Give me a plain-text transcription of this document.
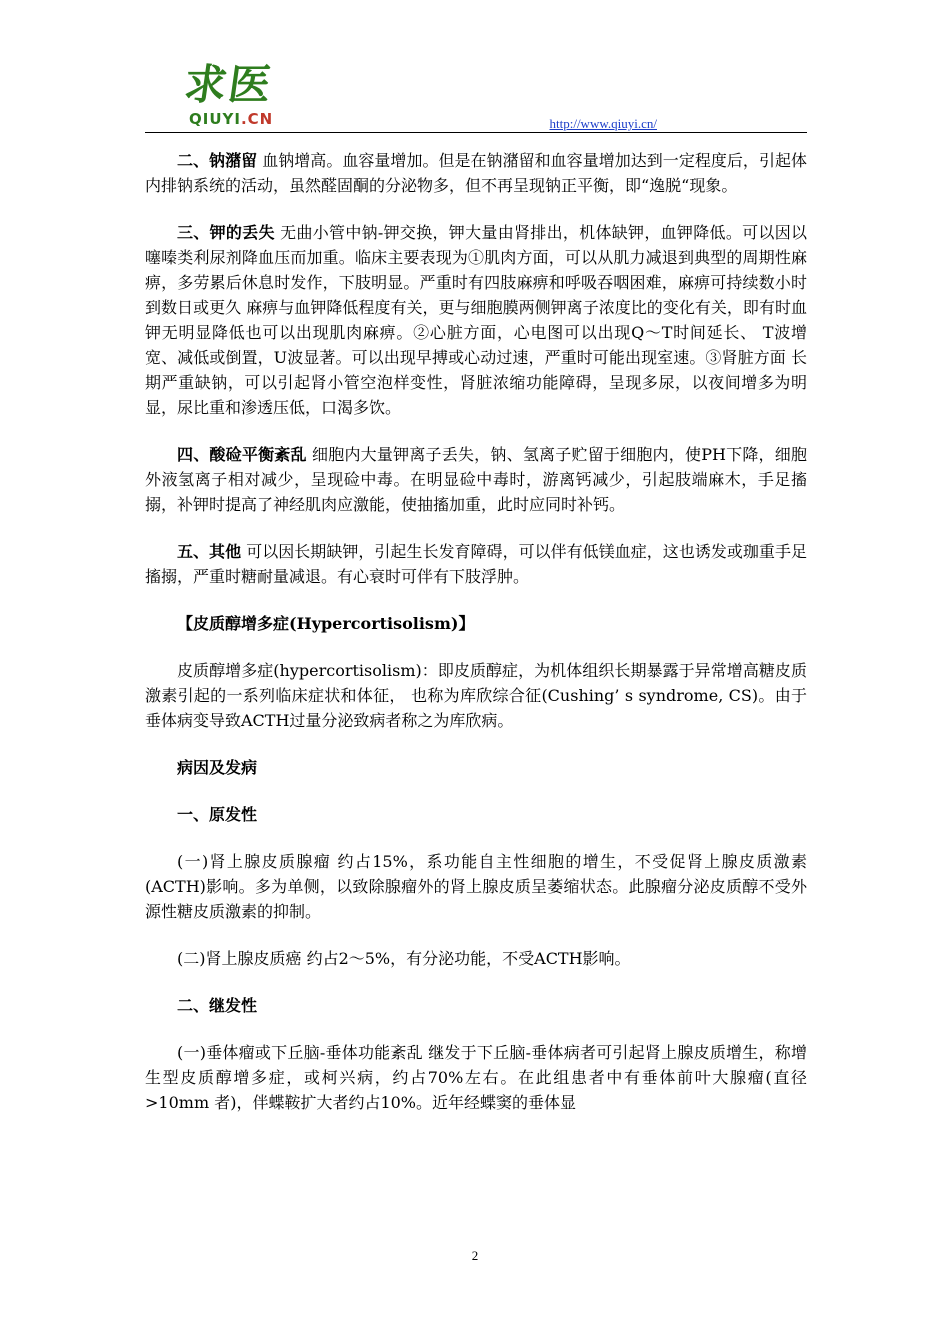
求医
QIUYI.CN	http://www.qiuyi.cn/

二、钠潴留 血钠增高。血容量增加。但是在钠潴留和血容量增加达到一定程度后，引起体内排钠系统的活动，虽然醛固酮的分泌物多，但不再呈现钠正平衡，即“逸脱“现象。

三、钾的丢失 无曲小管中钠-钾交换，钾大量由肾排出，机体缺钾，血钾降低。可以因以噻嗪类利尿剂降血压而加重。临床主要表现为①肌肉方面，可以从肌力减退到典型的周期性麻痹，多劳累后休息时发作，下肢明显。严重时有四肢麻痹和呼吸吞咽困难，麻痹可持续数小时到数日或更久 麻痹与血钾降低程度有关，更与细胞膜两侧钾离子浓度比的变化有关，即有时血钾无明显降低也可以出现肌肉麻痹。②心脏方面，心电图可以出现Q～T时间延长、 T波增宽、减低或倒置，U波显著。可以出现早搏或心动过速，严重时可能出现室速。③肾脏方面 长期严重缺钠，可以引起肾小管空泡样变性，肾脏浓缩功能障碍，呈现多尿，以夜间增多为明显，尿比重和渗透压低，口渴多饮。

四、酸硷平衡紊乱 细胞内大量钾离子丢失，钠、氢离子贮留于细胞内，使PH下降，细胞外液氢离子相对减少，呈现硷中毒。在明显硷中毒时，游离钙减少，引起肢端麻木，手足搐搦，补钾时提高了神经肌肉应激能，使抽搐加重，此时应同时补钙。

五、其他 可以因长期缺钾，引起生长发育障碍，可以伴有低镁血症，这也诱发或珈重手足搐搦，严重时糖耐量减退。有心衰时可伴有下肢浮肿。

【皮质醇增多症(Hypercortisolism)】

皮质醇增多症(hypercortisolism)：即皮质醇症，为机体组织长期暴露于异常增高糖皮质激素引起的一系列临床症状和体征， 也称为库欣综合征(Cushing’ s syndrome, CS)。由于垂体病变导致ACTH过量分泌致病者称之为库欣病。

病因及发病

一、原发性

(一)肾上腺皮质腺瘤 约占15%，系功能自主性细胞的增生，不受促肾上腺皮质激素(ACTH)影响。多为单侧，以致除腺瘤外的肾上腺皮质呈萎缩状态。此腺瘤分泌皮质醇不受外源性糖皮质激素的抑制。

(二)肾上腺皮质癌 约占2～5%，有分泌功能，不受ACTH影响。

二、继发性

(一)垂体瘤或下丘脑-垂体功能紊乱 继发于下丘脑-垂体病者可引起肾上腺皮质增生，称增生型皮质醇增多症，或柯兴病，约占70%左右。在此组患者中有垂体前叶大腺瘤(直径>10mm 者)，伴蝶鞍扩大者约占10%。近年经蝶窦的垂体显

2
